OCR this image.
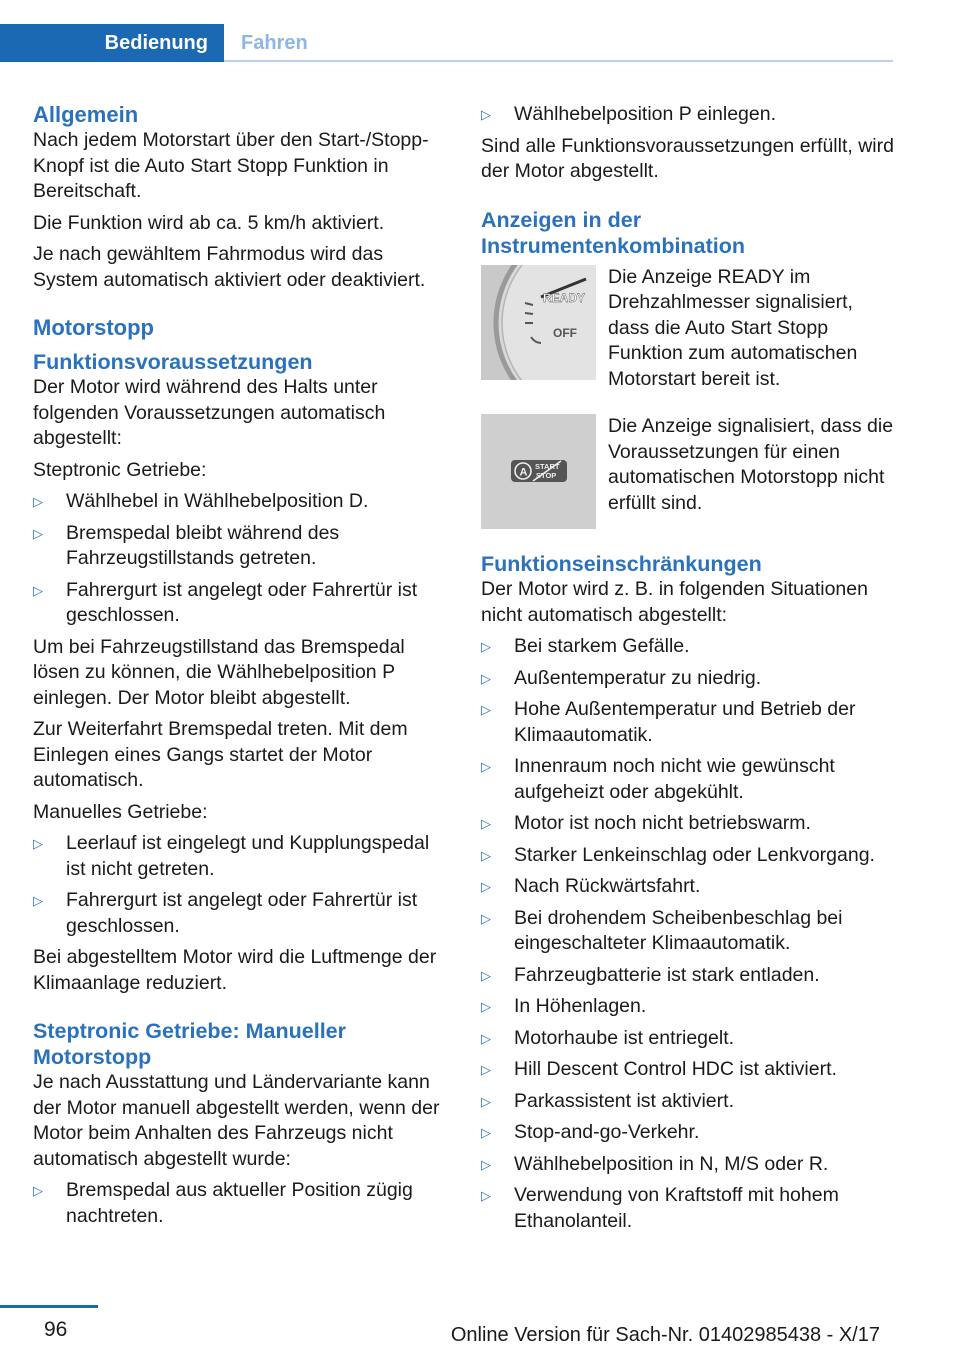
Bedienung	Fahren
Allgemein

Nach jedem Motorstart über den Start-/Stopp-Knopf ist die Auto Start Stopp Funktion in Bereitschaft.

Die Funktion wird ab ca. 5 km/h aktiviert.

Je nach gewähltem Fahrmodus wird das System automatisch aktiviert oder deaktiviert.

Motorstopp
Funktionsvoraussetzungen

Der Motor wird während des Halts unter folgenden Voraussetzungen automatisch abgestellt:

Steptronic Getriebe:

▷ Wählhebel in Wählhebelposition D.
▷ Bremspedal bleibt während des Fahrzeugstillstands getreten.
▷ Fahrergurt ist angelegt oder Fahrertür ist geschlossen.

Um bei Fahrzeugstillstand das Bremspedal lösen zu können, die Wählhebelposition P einlegen. Der Motor bleibt abgestellt.

Zur Weiterfahrt Bremspedal treten. Mit dem Einlegen eines Gangs startet der Motor automatisch.

Manuelles Getriebe:

▷ Leerlauf ist eingelegt und Kupplungspedal ist nicht getreten.
▷ Fahrergurt ist angelegt oder Fahrertür ist geschlossen.

Bei abgestelltem Motor wird die Luftmenge der Klimaanlage reduziert.

Steptronic Getriebe: Manueller Motorstopp

Je nach Ausstattung und Ländervariante kann der Motor manuell abgestellt werden, wenn der Motor beim Anhalten des Fahrzeugs nicht automatisch abgestellt wurde:

▷ Bremspedal aus aktueller Position zügig nachtreten.
▷ Wählhebelposition P einlegen.

Sind alle Funktionsvoraussetzungen erfüllt, wird der Motor abgestellt.

Anzeigen in der Instrumentenkombination
READY
OFF
Die Anzeige READY im Drehzahlmesser signalisiert, dass die Auto Start Stopp Funktion zum automatischen Motorstart bereit ist.
A START
STOP
Die Anzeige signalisiert, dass die Voraussetzungen für einen automatischen Motorstopp nicht erfüllt sind.
Funktionseinschränkungen

Der Motor wird z. B. in folgenden Situationen nicht automatisch abgestellt:

▷ Bei starkem Gefälle.
▷ Außentemperatur zu niedrig.
▷ Hohe Außentemperatur und Betrieb der Klimaautomatik.
▷ Innenraum noch nicht wie gewünscht aufgeheizt oder abgekühlt.
▷ Motor ist noch nicht betriebswarm.
▷ Starker Lenkeinschlag oder Lenkvorgang.
▷ Nach Rückwärtsfahrt.
▷ Bei drohendem Scheibenbeschlag bei eingeschalteter Klimaautomatik.
▷ Fahrzeugbatterie ist stark entladen.
▷ In Höhenlagen.
▷ Motorhaube ist entriegelt.
▷ Hill Descent Control HDC ist aktiviert.
▷ Parkassistent ist aktiviert.
▷ Stop-and-go-Verkehr.
▷ Wählhebelposition in N, M/S oder R.
▷ Verwendung von Kraftstoff mit hohem Ethanolanteil.
96	Online Version für Sach-Nr. 01402985438 - X/17
